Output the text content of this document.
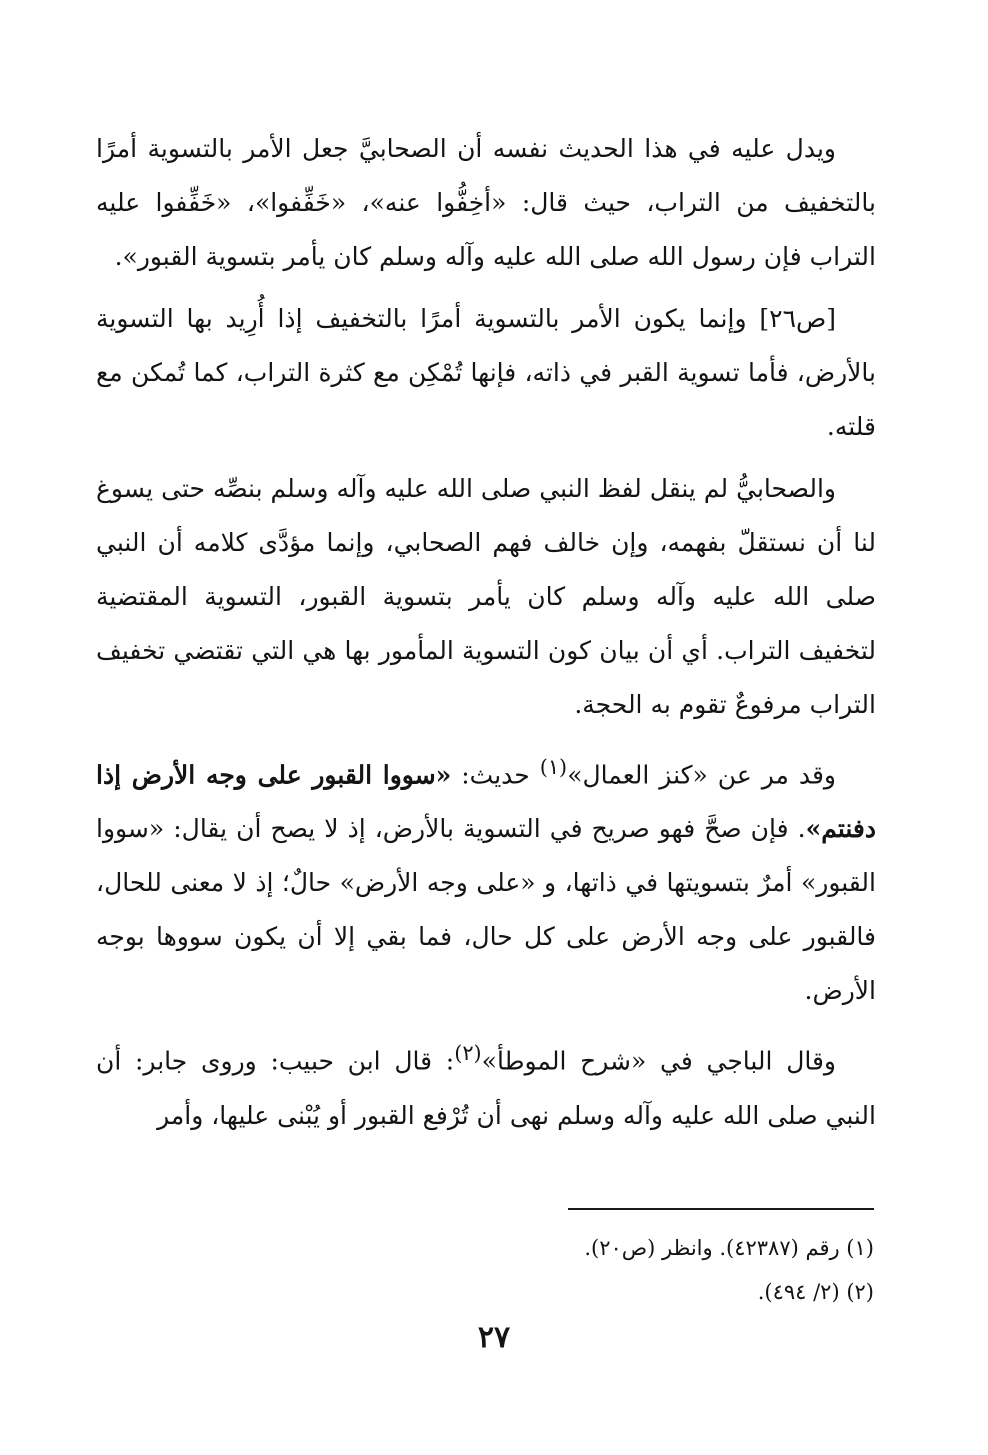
ويدل عليه في هذا الحديث نفسه أن الصحابيَّ جعل الأمر بالتسوية أمرًا بالتخفيف من التراب، حيث قال: «أخِفُّوا عنه»، «خَفِّفوا»، «خَفِّفوا عليه التراب فإن رسول الله صلى الله عليه وآله وسلم كان يأمر بتسوية القبور».

[ص٢٦] وإنما يكون الأمر بالتسوية أمرًا بالتخفيف إذا أُرِيد بها التسوية بالأرض، فأما تسوية القبر في ذاته، فإنها تُمْكِن مع كثرة التراب، كما تُمكن مع قلته.

والصحابيُّ لم ينقل لفظ النبي صلى الله عليه وآله وسلم بنصِّه حتى يسوغ لنا أن نستقلّ بفهمه، وإن خالف فهم الصحابي، وإنما مؤدَّى كلامه أن النبي صلى الله عليه وآله وسلم كان يأمر بتسوية القبور، التسوية المقتضية لتخفيف التراب. أي أن بيان كون التسوية المأمور بها هي التي تقتضي تخفيف التراب مرفوعٌ تقوم به الحجة.

وقد مر عن «كنز العمال»$^{(١)}$ حديث: «سووا القبور على وجه الأرض إذا دفنتم». فإن صحَّ فهو صريح في التسوية بالأرض، إذ لا يصح أن يقال: «سووا القبور» أمرٌ بتسويتها في ذاتها، و «على وجه الأرض» حالٌ؛ إذ لا معنى للحال، فالقبور على وجه الأرض على كل حال، فما بقي إلا أن يكون سووها بوجه الأرض.

وقال الباجي في «شرح الموطأ»$^{(٢)}$: قال ابن حبيب: وروى جابر: أن النبي صلى الله عليه وآله وسلم نهى أن تُرْفع القبور أو يُبْنى عليها، وأمر

(١) رقم (٤٢٣٨٧). وانظر (ص٢٠).

(٢) (٢/ ٤٩٤).

٢٧
